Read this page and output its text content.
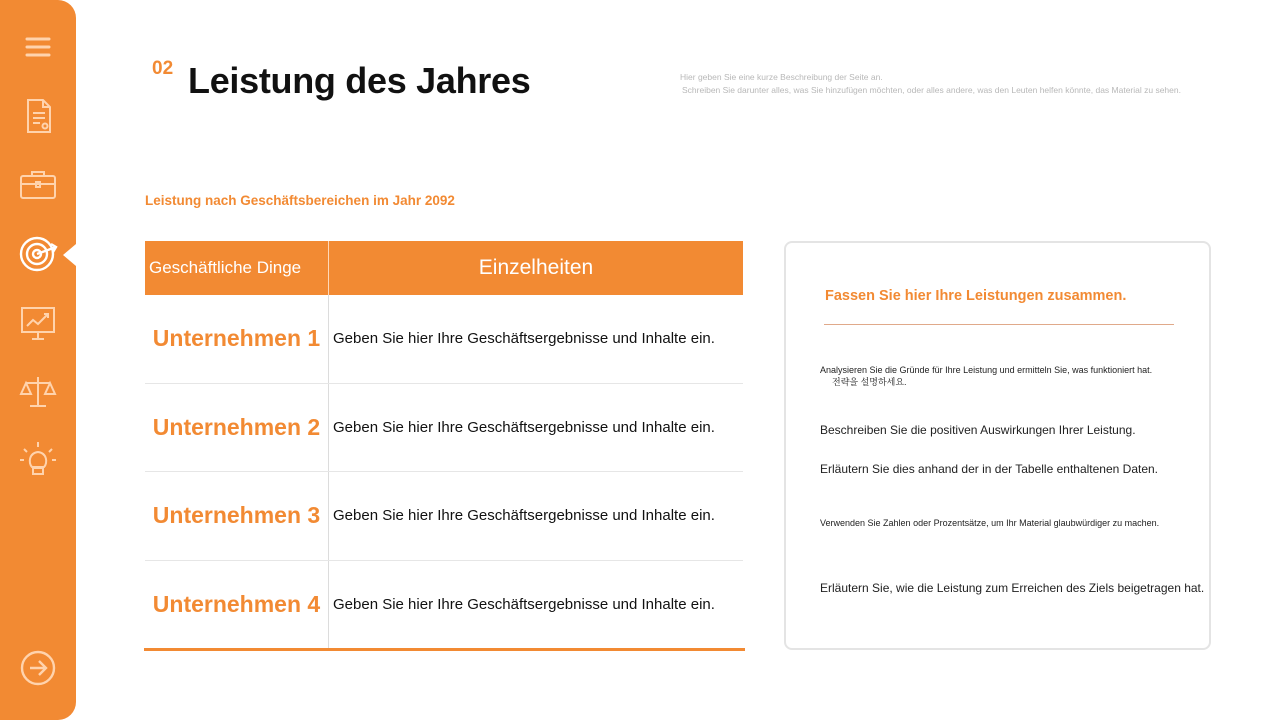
02 Leistung des Jahres	Hier geben Sie eine kurze Beschreibung der Seite an.
Schreiben Sie darunter alles, was Sie hinzufügen möchten, oder alles andere, was den Leuten helfen könnte, das Material zu sehen.
Leistung nach Geschäftsbereichen im Jahr 2092
Geschäftliche Dinge	Einzelheiten
Unternehmen 1 Geben Sie hier Ihre Geschäftsergebnisse und Inhalte ein.
Unternehmen 2 Geben Sie hier Ihre Geschäftsergebnisse und Inhalte ein.
Unternehmen 3 Geben Sie hier Ihre Geschäftsergebnisse und Inhalte ein.
Unternehmen 4 Geben Sie hier Ihre Geschäftsergebnisse und Inhalte ein.
Fassen Sie hier Ihre Leistungen zusammen.
Analysieren Sie die Gründe für Ihre Leistung und ermitteln Sie, was funktioniert hat.
전략을 설명하세요.
Beschreiben Sie die positiven Auswirkungen Ihrer Leistung.
Erläutern Sie dies anhand der in der Tabelle enthaltenen Daten.
Verwenden Sie Zahlen oder Prozentsätze, um Ihr Material glaubwürdiger zu machen.
Erläutern Sie, wie die Leistung zum Erreichen des Ziels beigetragen hat.
